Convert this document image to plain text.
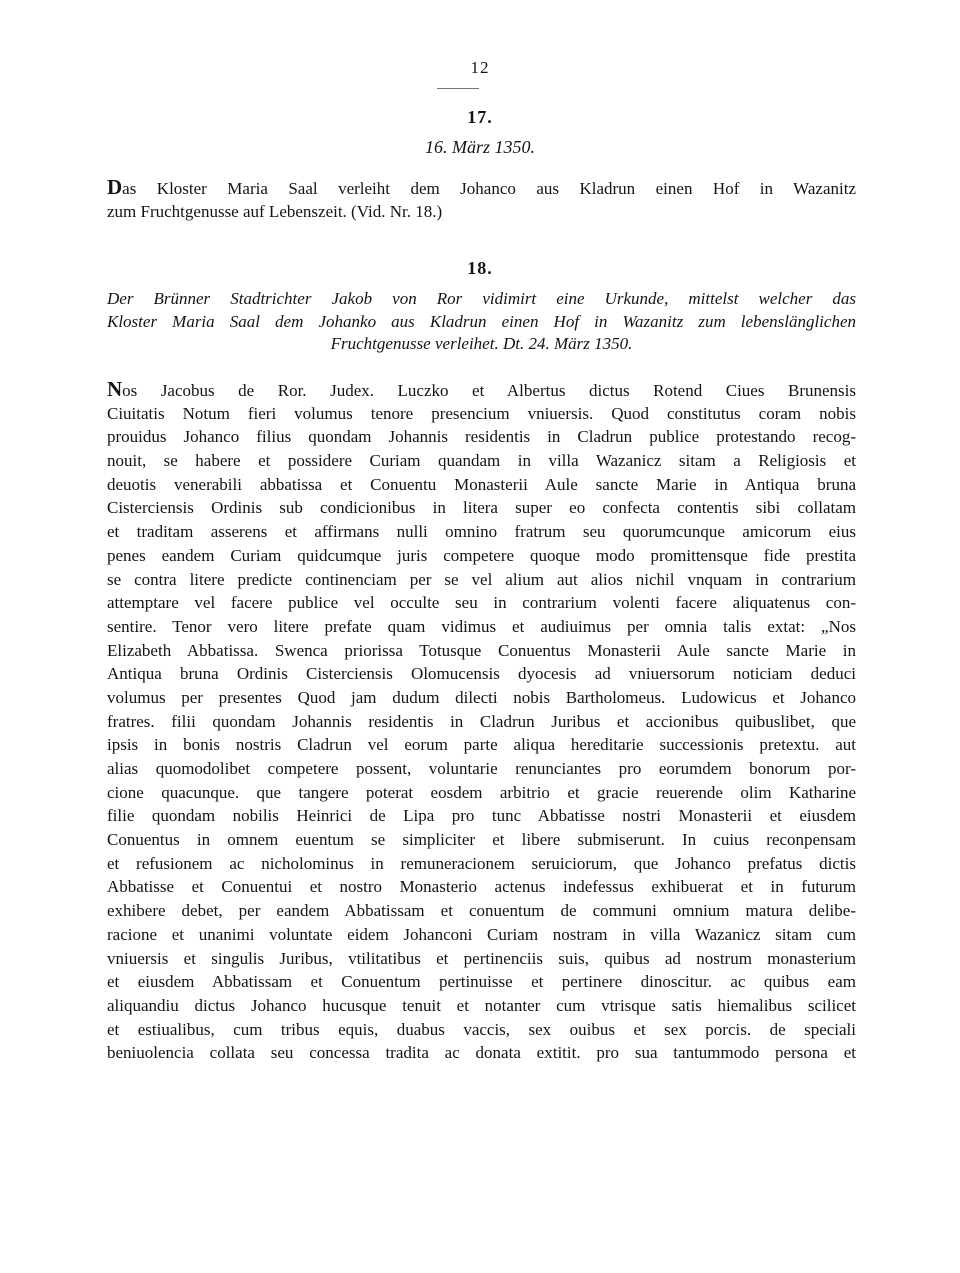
12
17.
16. März 1350.
Das Kloster Maria Saal verleiht dem Johanco aus Kladrun einen Hof in Wazanitz
zum Fruchtgenusse auf Lebenszeit. (Vid. Nr. 18.)
18.
Der Brünner Stadtrichter Jakob von Ror vidimirt eine Urkunde, mittelst welcher das
Kloster Maria Saal dem Johanko aus Kladrun einen Hof in Wazanitz zum lebenslänglichen
Fruchtgenusse verleihet. Dt. 24. März 1350.
Nos Jacobus de Ror. Judex. Luczko et Albertus dictus Rotend Ciues Brunensis
Ciuitatis Notum fieri volumus tenore presencium vniuersis. Quod constitutus coram nobis
prouidus Johanco filius quondam Johannis residentis in Cladrun publice protestando recog-
nouit, se habere et possidere Curiam quandam in villa Wazanicz sitam a Religiosis et
deuotis venerabili abbatissa et Conuentu Monasterii Aule sancte Marie in Antiqua bruna
Cisterciensis Ordinis sub condicionibus in litera super eo confecta contentis sibi collatam
et traditam asserens et affirmans nulli omnino fratrum seu quorumcunque amicorum eius
penes eandem Curiam quidcumque juris competere quoque modo promittensque fide prestita
se contra litere predicte continenciam per se vel alium aut alios nichil vnquam in contrarium
attemptare vel facere publice vel occulte seu in contrarium volenti facere aliquatenus con-
sentire. Tenor vero litere prefate quam vidimus et audiuimus per omnia talis extat: „Nos
Elizabeth Abbatissa. Swenca priorissa Totusque Conuentus Monasterii Aule sancte Marie in
Antiqua bruna Ordinis Cisterciensis Olomucensis dyocesis ad vniuersorum noticiam deduci
volumus per presentes Quod jam dudum dilecti nobis Bartholomeus. Ludowicus et Johanco
fratres. filii quondam Johannis residentis in Cladrun Juribus et accionibus quibuslibet, que
ipsis in bonis nostris Cladrun vel eorum parte aliqua hereditarie successionis pretextu. aut
alias quomodolibet competere possent, voluntarie renunciantes pro eorumdem bonorum por-
cione quacunque. que tangere poterat eosdem arbitrio et gracie reuerende olim Katharine
filie quondam nobilis Heinrici de Lipa pro tunc Abbatisse nostri Monasterii et eiusdem
Conuentus in omnem euentum se simpliciter et libere submiserunt. In cuius reconpensam
et refusionem ac nicholominus in remuneracionem seruiciorum, que Johanco prefatus dictis
Abbatisse et Conuentui et nostro Monasterio actenus indefessus exhibuerat et in futurum
exhibere debet, per eandem Abbatissam et conuentum de communi omnium matura delibe-
racione et unanimi voluntate eidem Johanconi Curiam nostram in villa Wazanicz sitam cum
vniuersis et singulis Juribus, vtilitatibus et pertinenciis suis, quibus ad nostrum monasterium
et eiusdem Abbatissam et Conuentum pertinuisse et pertinere dinoscitur. ac quibus eam
aliquandiu dictus Johanco hucusque tenuit et notanter cum vtrisque satis hiemalibus scilicet
et estiualibus, cum tribus equis, duabus vaccis, sex ouibus et sex porcis. de speciali
beniuolencia collata seu concessa tradita ac donata extitit. pro sua tantummodo persona et
